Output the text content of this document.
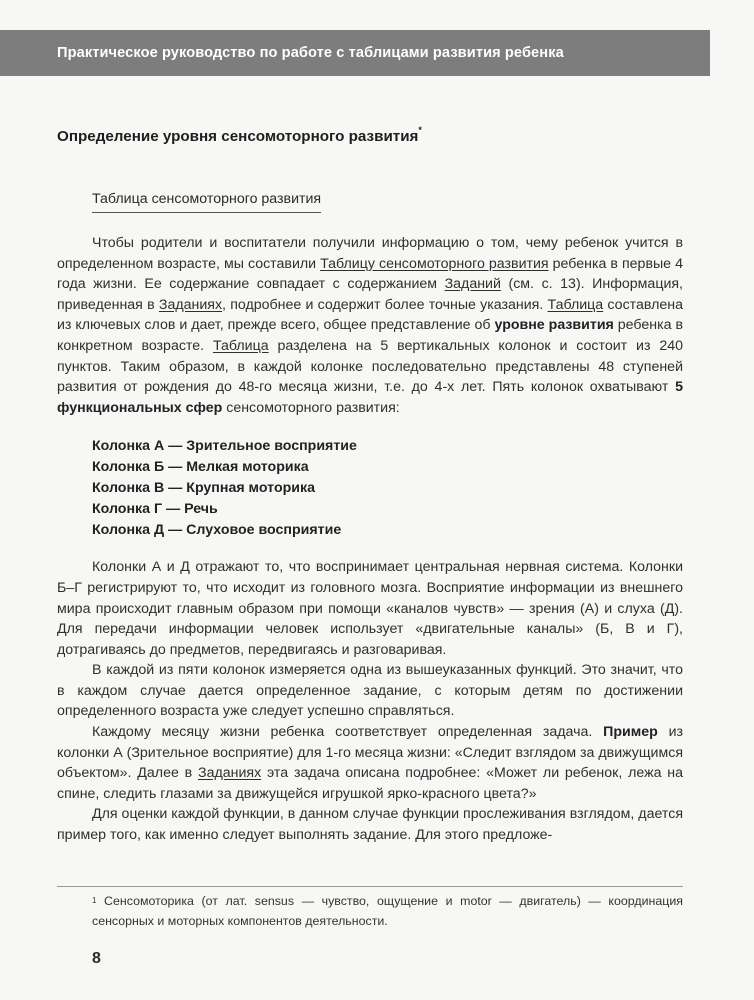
Практическое руководство по работе с таблицами развития ребенка
Определение уровня сенсомоторного развития*
Таблица сенсомоторного развития

Чтобы родители и воспитатели получили информацию о том, чему ребенок учится в определенном возрасте, мы составили Таблицу сенсомоторного развития ребенка в первые 4 года жизни. Ее содержание совпадает с содержанием Заданий (см. с. 13). Информация, приведенная в Заданиях, подробнее и содержит более точные указания. Таблица составлена из ключевых слов и дает, прежде всего, общее представление об уровне развития ребенка в конкретном возрасте. Таблица разделена на 5 вертикальных колонок и состоит из 240 пунктов. Таким образом, в каждой колонке последовательно представлены 48 ступеней развития от рождения до 48-го месяца жизни, т.е. до 4-х лет. Пять колонок охватывают 5 функциональных сфер сенсомоторного развития:

Колонка А — Зрительное восприятие
Колонка Б — Мелкая моторика
Колонка В — Крупная моторика
Колонка Г — Речь
Колонка Д — Слуховое восприятие

Колонки А и Д отражают то, что воспринимает центральная нервная система. Колонки Б–Г регистрируют то, что исходит из головного мозга. Восприятие информации из внешнего мира происходит главным образом при помощи «каналов чувств» — зрения (А) и слуха (Д). Для передачи информации человек использует «двигательные каналы» (Б, В и Г), дотрагиваясь до предметов, передвигаясь и разговаривая.

В каждой из пяти колонок измеряется одна из вышеуказанных функций. Это значит, что в каждом случае дается определенное задание, с которым детям по достижении определенного возраста уже следует успешно справляться.

Каждому месяцу жизни ребенка соответствует определенная задача. Пример из колонки А (Зрительное восприятие) для 1-го месяца жизни: «Следит взглядом за движущимся объектом». Далее в Заданиях эта задача описана подробнее: «Может ли ребенок, лежа на спине, следить глазами за движущейся игрушкой ярко-красного цвета?»

Для оценки каждой функции, в данном случае функции прослеживания взглядом, дается пример того, как именно следует выполнять задание. Для этого предложе-

$^1$ Сенсомоторика (от лат. sensus — чувство, ощущение и motor — двигатель) — координация сенсорных и моторных компонентов деятельности.

8
